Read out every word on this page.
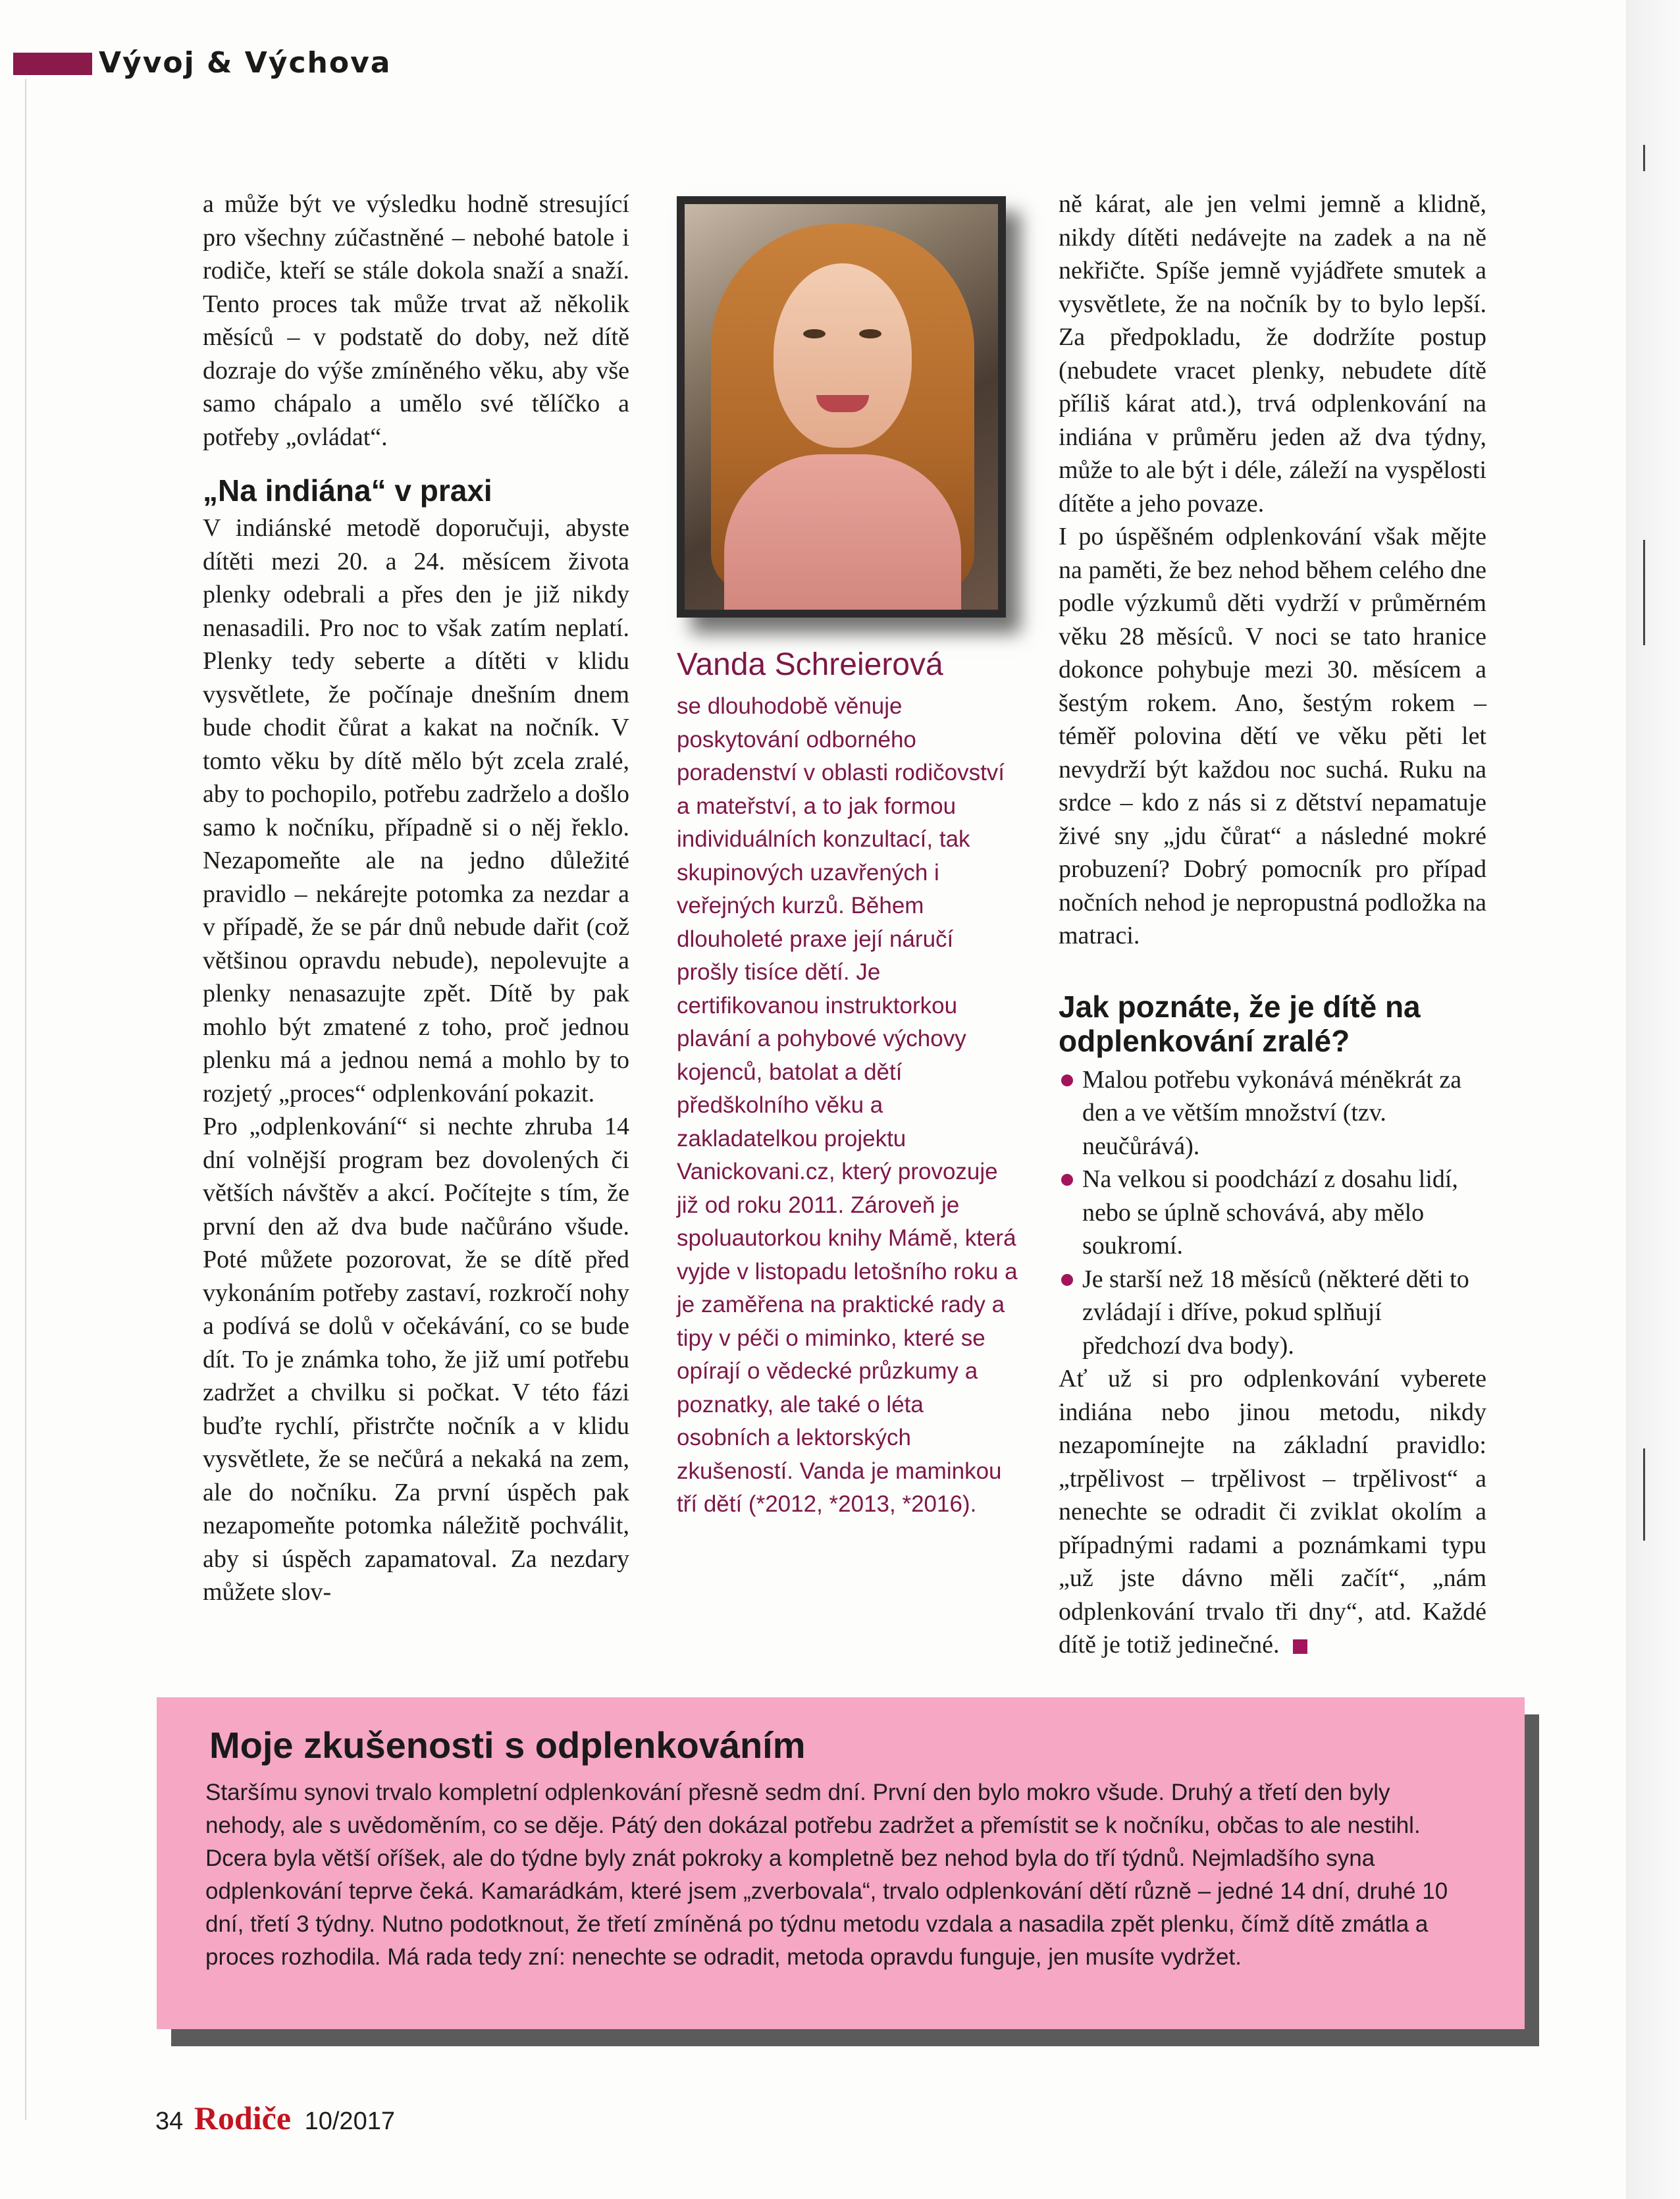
Vývoj & Výchova

a může být ve výsledku hodně stresující pro všechny zúčastněné – nebohé batole i rodiče, kteří se stále dokola snaží a snaží. Tento proces tak může trvat až několik měsíců – v podstatě do doby, než dítě dozraje do výše zmíněného věku, aby vše samo chápalo a umělo své tělíčko a potřeby „ovládat“.

„Na indiána“ v praxi

V indiánské metodě doporučuji, abyste dítěti mezi 20. a 24. měsícem života plenky odebrali a přes den je již nikdy nenasadili. Pro noc to však zatím neplatí. Plenky tedy seberte a dítěti v klidu vysvětlete, že počínaje dnešním dnem bude chodit čůrat a kakat na nočník. V tomto věku by dítě mělo být zcela zralé, aby to pochopilo, potřebu zadrželo a došlo samo k nočníku, případně si o něj řeklo. Nezapomeňte ale na jedno důležité pravidlo – nekárejte potomka za nezdar a v případě, že se pár dnů nebude dařit (což většinou opravdu nebude), nepolevujte a plenky nenasazujte zpět. Dítě by pak mohlo být zmatené z toho, proč jednou plenku má a jednou nemá a mohlo by to rozjetý „proces“ odplenkování pokazit.

Pro „odplenkování“ si nechte zhruba 14 dní volnější program bez dovolených či větších návštěv a akcí. Počítejte s tím, že první den až dva bude načůráno všude. Poté můžete pozorovat, že se dítě před vykonáním potřeby zastaví, rozkročí nohy a podívá se dolů v očekávání, co se bude dít. To je známka toho, že již umí potřebu zadržet a chvilku si počkat. V této fázi buďte rychlí, přistrčte nočník a v klidu vysvětlete, že se nečůrá a nekaká na zem, ale do nočníku. Za první úspěch pak nezapomeňte potomka náležitě pochválit, aby si úspěch zapamatoval. Za nezdary můžete slov-

Vanda Schreierová
se dlouhodobě věnuje poskytování odborného poradenství v oblasti rodičovství a mateřství, a to jak formou individuálních konzultací, tak skupinových uzavřených i veřejných kurzů. Během dlouholeté praxe její náručí prošly tisíce dětí. Je certifikovanou instruktorkou plavání a pohybové výchovy kojenců, batolat a dětí předškolního věku a zakladatelkou projektu Vanickovani.cz, který provozuje již od roku 2011. Zároveň je spoluautorkou knihy Mámě, která vyjde v listopadu letošního roku a je zaměřena na praktické rady a tipy v péči o miminko, které se opírají o vědecké průzkumy a poznatky, ale také o léta osobních a lektorských zkušeností. Vanda je maminkou tří dětí (*2012, *2013, *2016).

ně kárat, ale jen velmi jemně a klidně, nikdy dítěti nedávejte na zadek a na ně nekřičte. Spíše jemně vyjádřete smutek a vysvětlete, že na nočník by to bylo lepší. Za předpokladu, že dodržíte postup (nebudete vracet plenky, nebudete dítě příliš kárat atd.), trvá odplenkování na indiána v průměru jeden až dva týdny, může to ale být i déle, záleží na vyspělosti dítěte a jeho povaze.

I po úspěšném odplenkování však mějte na paměti, že bez nehod během celého dne podle výzkumů děti vydrží v průměrném věku 28 měsíců. V noci se tato hranice dokonce pohybuje mezi 30. měsícem a šestým rokem. Ano, šestým rokem – téměř polovina dětí ve věku pěti let nevydrží být každou noc suchá. Ruku na srdce – kdo z nás si z dětství nepamatuje živé sny „jdu čůrat“ a následné mokré probuzení? Dobrý pomocník pro případ nočních nehod je nepropustná podložka na matraci.

Jak poznáte, že je dítě na odplenkování zralé?
Malou potřebu vykonává méněkrát za den a ve větším množství (tzv. neučůrává).
Na velkou si poodchází z dosahu lidí, nebo se úplně schovává, aby mělo soukromí.
Je starší než 18 měsíců (některé děti to zvládají i dříve, pokud splňují předchozí dva body).

Ať už si pro odplenkování vyberete indiána nebo jinou metodu, nikdy nezapomínejte na základní pravidlo: „trpělivost – trpělivost – trpělivost“ a nenechte se odradit či zviklat okolím a případnými radami a poznámkami typu „už jste dávno měli začít“, „nám odplenkování trvalo tři dny“, atd. Každé dítě je totiž jedinečné.

Moje zkušenosti s odplenkováním

Staršímu synovi trvalo kompletní odplenkování přesně sedm dní. První den bylo mokro všude. Druhý a třetí den byly nehody, ale s uvědoměním, co se děje. Pátý den dokázal potřebu zadržet a přemístit se k nočníku, občas to ale nestihl. Dcera byla větší oříšek, ale do týdne byly znát pokroky a kompletně bez nehod byla do tří týdnů. Nejmladšího syna odplenkování teprve čeká. Kamarádkám, které jsem „zverbovala“, trvalo odplenkování dětí různě – jedné 14 dní, druhé 10 dní, třetí 3 týdny. Nutno podotknout, že třetí zmíněná po týdnu metodu vzdala a nasadila zpět plenku, čímž dítě zmátla a proces rozhodila. Má rada tedy zní: nenechte se odradit, metoda opravdu funguje, jen musíte vydržet.

34 Rodiče 10/2017
